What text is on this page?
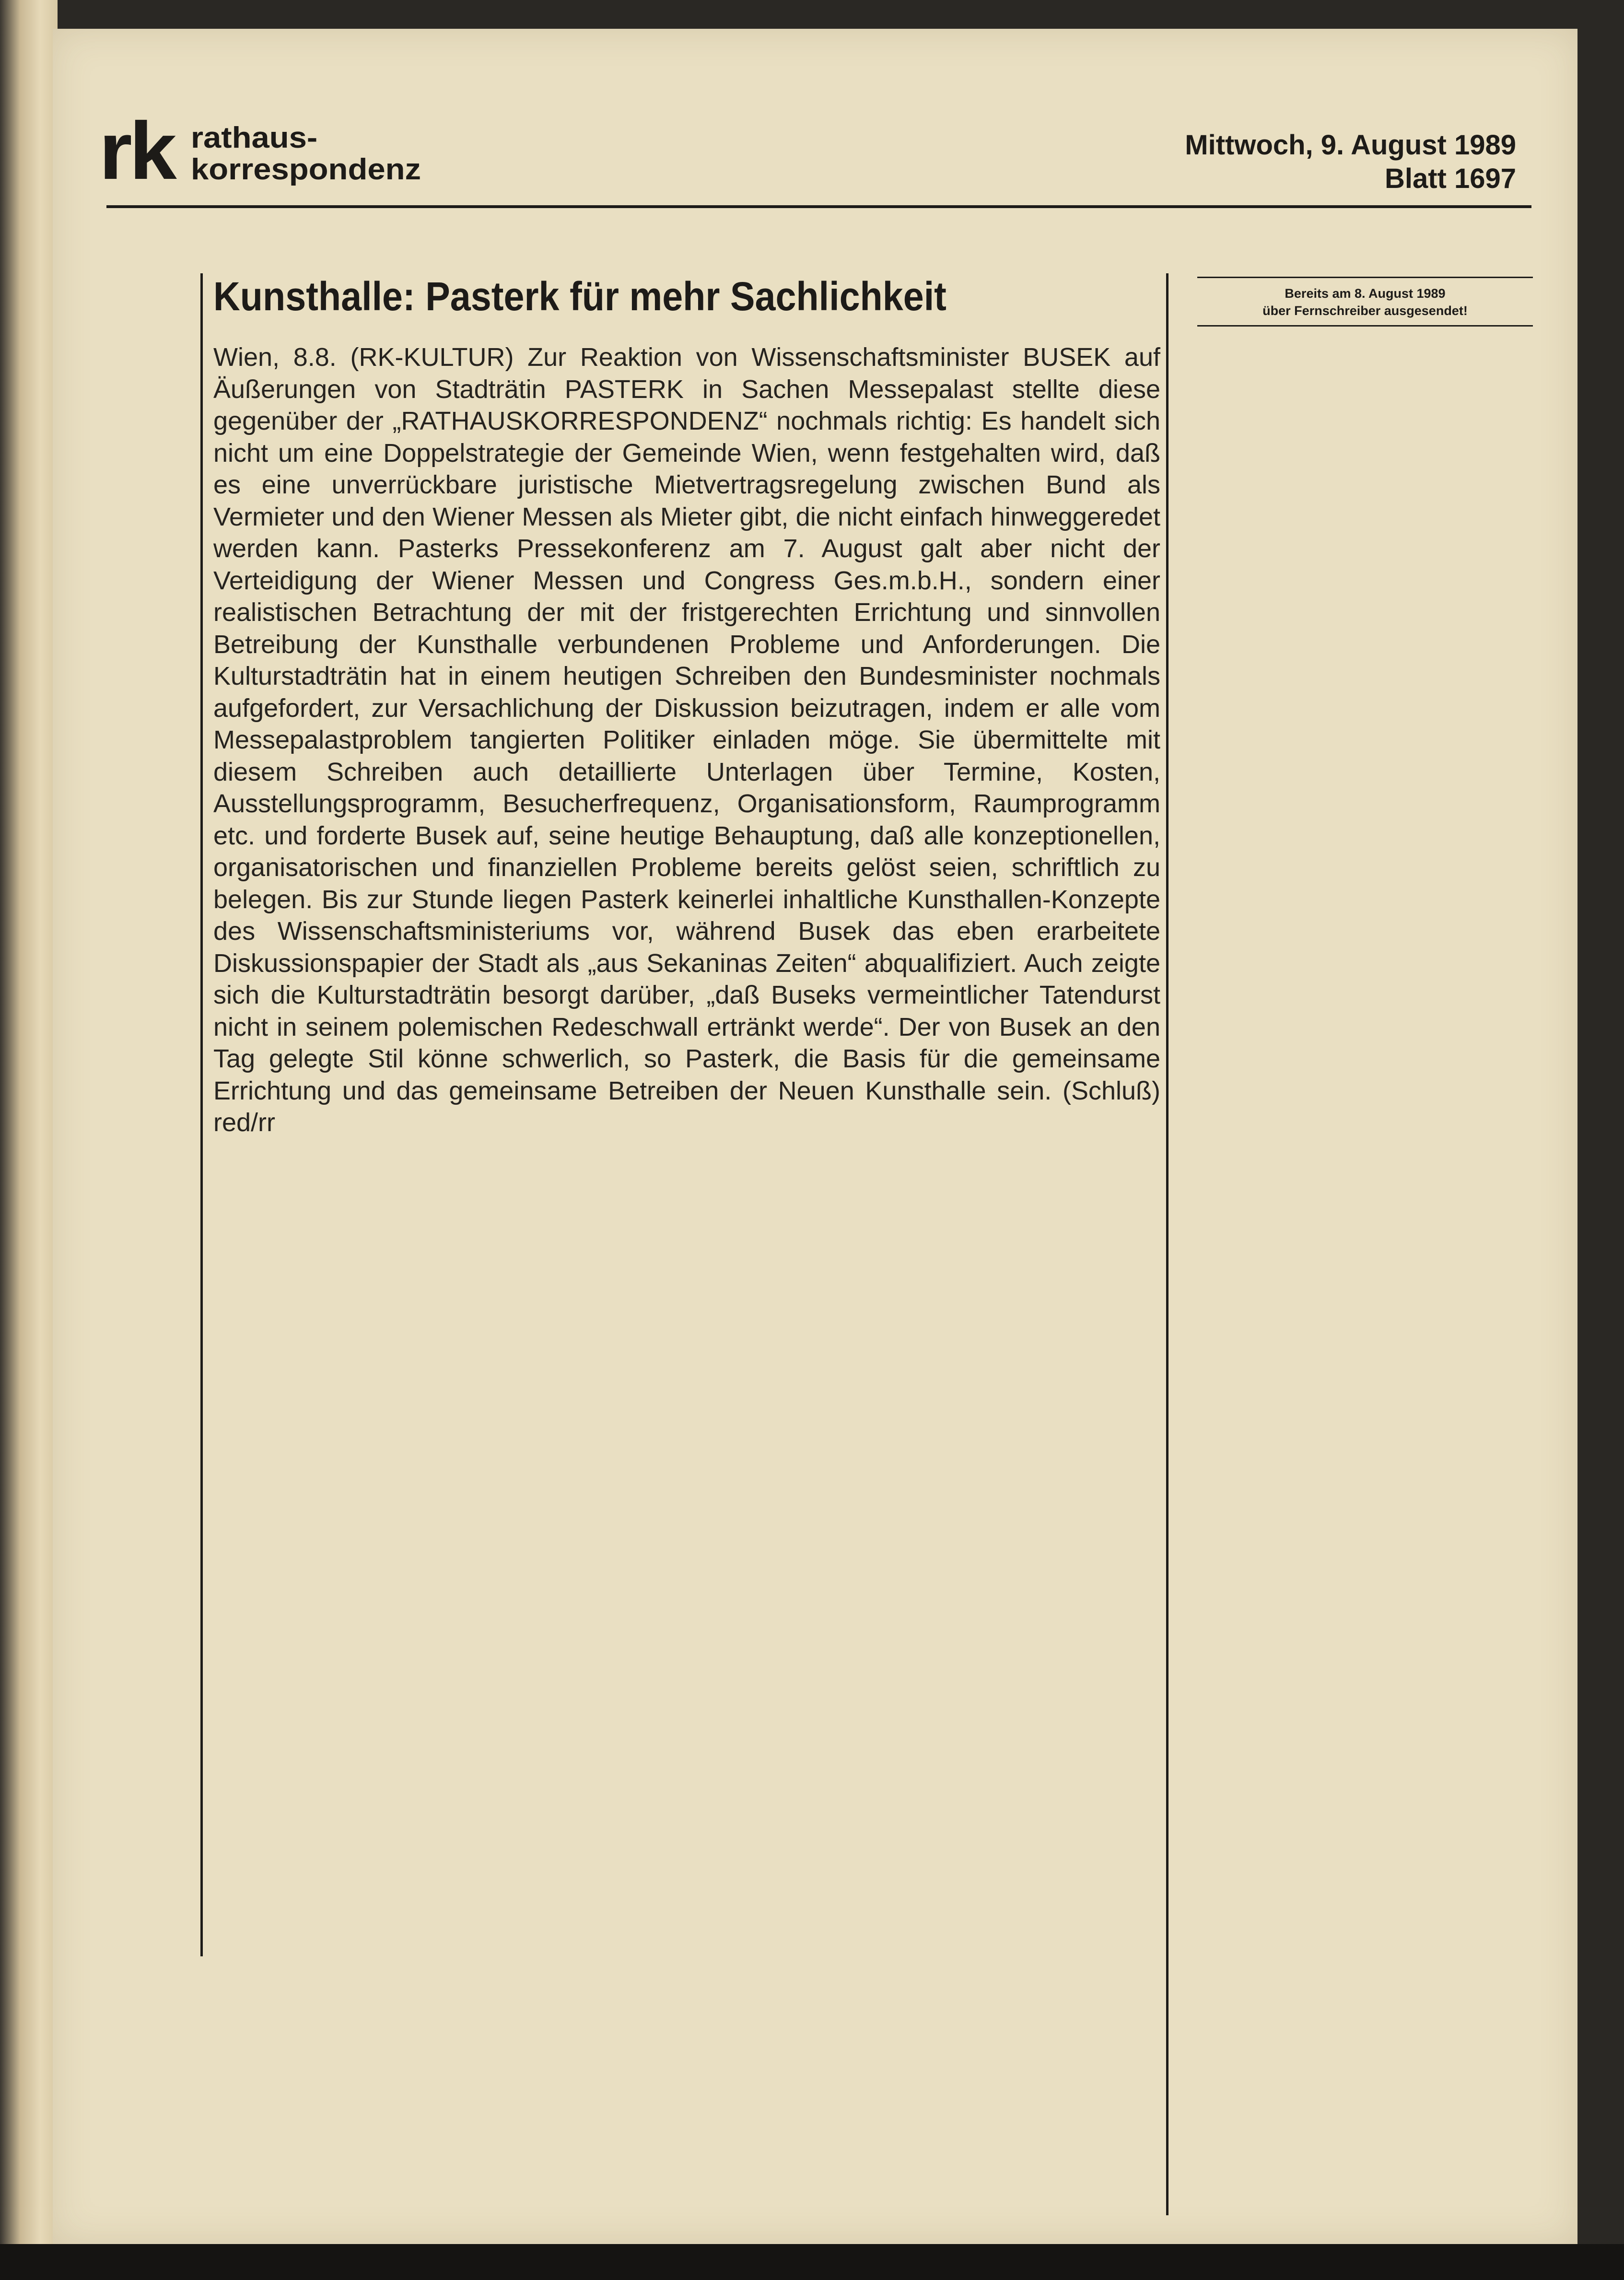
rk rathaus-
korrespondenz
Mittwoch, 9. August 1989
Blatt 1697
Kunsthalle: Pasterk für mehr Sachlichkeit

Wien, 8.8. (RK-KULTUR) Zur Reaktion von Wissenschaftsminister BUSEK auf Äußerungen von Stadträtin PASTERK in Sachen Messepalast stellte diese gegenüber der „RATHAUSKORRESPONDENZ“ nochmals richtig: Es handelt sich nicht um eine Doppelstrategie der Gemeinde Wien, wenn festgehalten wird, daß es eine unverrückbare juristische Mietvertragsregelung zwischen Bund als Vermieter und den Wiener Messen als Mieter gibt, die nicht einfach hinweggeredet werden kann. Pasterks Pressekonferenz am 7. August galt aber nicht der Verteidigung der Wiener Messen und Congress Ges.m.b.H., sondern einer realistischen Betrachtung der mit der fristgerechten Errichtung und sinnvollen Betreibung der Kunsthalle verbundenen Probleme und Anforderungen. Die Kulturstadträtin hat in einem heutigen Schreiben den Bundesminister nochmals aufgefordert, zur Versachlichung der Diskussion beizutragen, indem er alle vom Messepalastproblem tangierten Politiker einladen möge. Sie übermittelte mit diesem Schreiben auch detaillierte Unterlagen über Termine, Kosten, Ausstellungsprogramm, Besucherfrequenz, Organisationsform, Raumprogramm etc. und forderte Busek auf, seine heutige Behauptung, daß alle konzeptionellen, organisatorischen und finanziellen Probleme bereits gelöst seien, schriftlich zu belegen. Bis zur Stunde liegen Pasterk keinerlei inhaltliche Kunsthallen-Konzepte des Wissenschaftsministeriums vor, während Busek das eben erarbeitete Diskussionspapier der Stadt als „aus Sekaninas Zeiten“ abqualifiziert. Auch zeigte sich die Kulturstadträtin besorgt darüber, „daß Buseks vermeintlicher Tatendurst nicht in seinem polemischen Redeschwall ertränkt werde“. Der von Busek an den Tag gelegte Stil könne schwerlich, so Pasterk, die Basis für die gemeinsame Errichtung und das gemeinsame Betreiben der Neuen Kunsthalle sein. (Schluß) red/rr

Bereits am 8. August 1989
über Fernschreiber ausgesendet!
